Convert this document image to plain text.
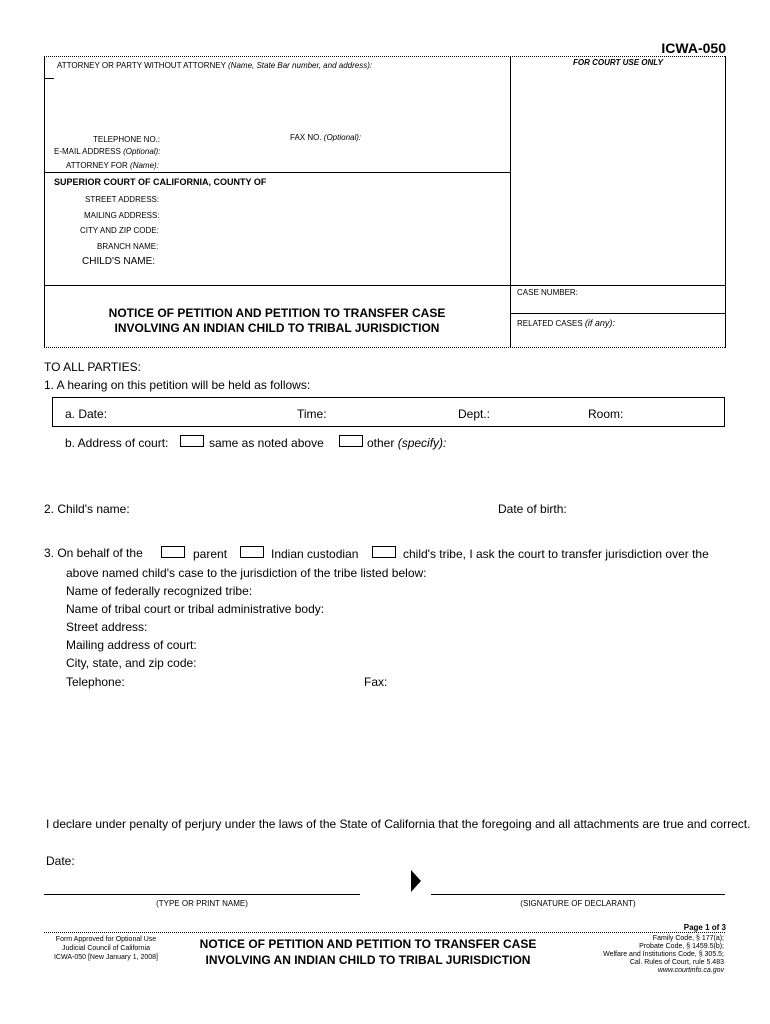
ICWA-050
ATTORNEY OR PARTY WITHOUT ATTORNEY (Name, State Bar number, and address):	FOR COURT USE ONLY
TELEPHONE NO.:	FAX NO. (Optional):
E-MAIL ADDRESS (Optional):
ATTORNEY FOR (Name):
SUPERIOR COURT OF CALIFORNIA, COUNTY OF
STREET ADDRESS:
MAILING ADDRESS:
CITY AND ZIP CODE:
BRANCH NAME:
CHILD'S NAME:
NOTICE OF PETITION AND PETITION TO TRANSFER CASE
INVOLVING AN INDIAN CHILD TO TRIBAL JURISDICTION
CASE NUMBER:
RELATED CASES (if any):
TO ALL PARTIES:
1. A hearing on this petition will be held as follows:
a. Date:	Time:	Dept.:	Room:
b. Address of court:	same as noted above	other (specify):
2. Child's name:	Date of birth:
3. On behalf of the	parent	Indian custodian	child's tribe, I ask the court to transfer jurisdiction over the
above named child's case to the jurisdiction of the tribe listed below:
Name of federally recognized tribe:
Name of tribal court or tribal administrative body:
Street address:
Mailing address of court:
City, state, and zip code:
Telephone:	Fax:
I declare under penalty of perjury under the laws of the State of California that the foregoing and all attachments are true and correct.
Date:
(TYPE OR PRINT NAME)	(SIGNATURE OF DECLARANT)
Page 1 of 3
Form Approved for Optional Use
Judicial Council of California
ICWA-050 [New January 1, 2008]
NOTICE OF PETITION AND PETITION TO TRANSFER CASE
INVOLVING AN INDIAN CHILD TO TRIBAL JURISDICTION
Family Code, § 177(a);
Probate Code, § 1459.5(b);
Welfare and Institutions Code, § 305.5;
Cal. Rules of Court, rule 5.483
www.courtinfo.ca.gov
